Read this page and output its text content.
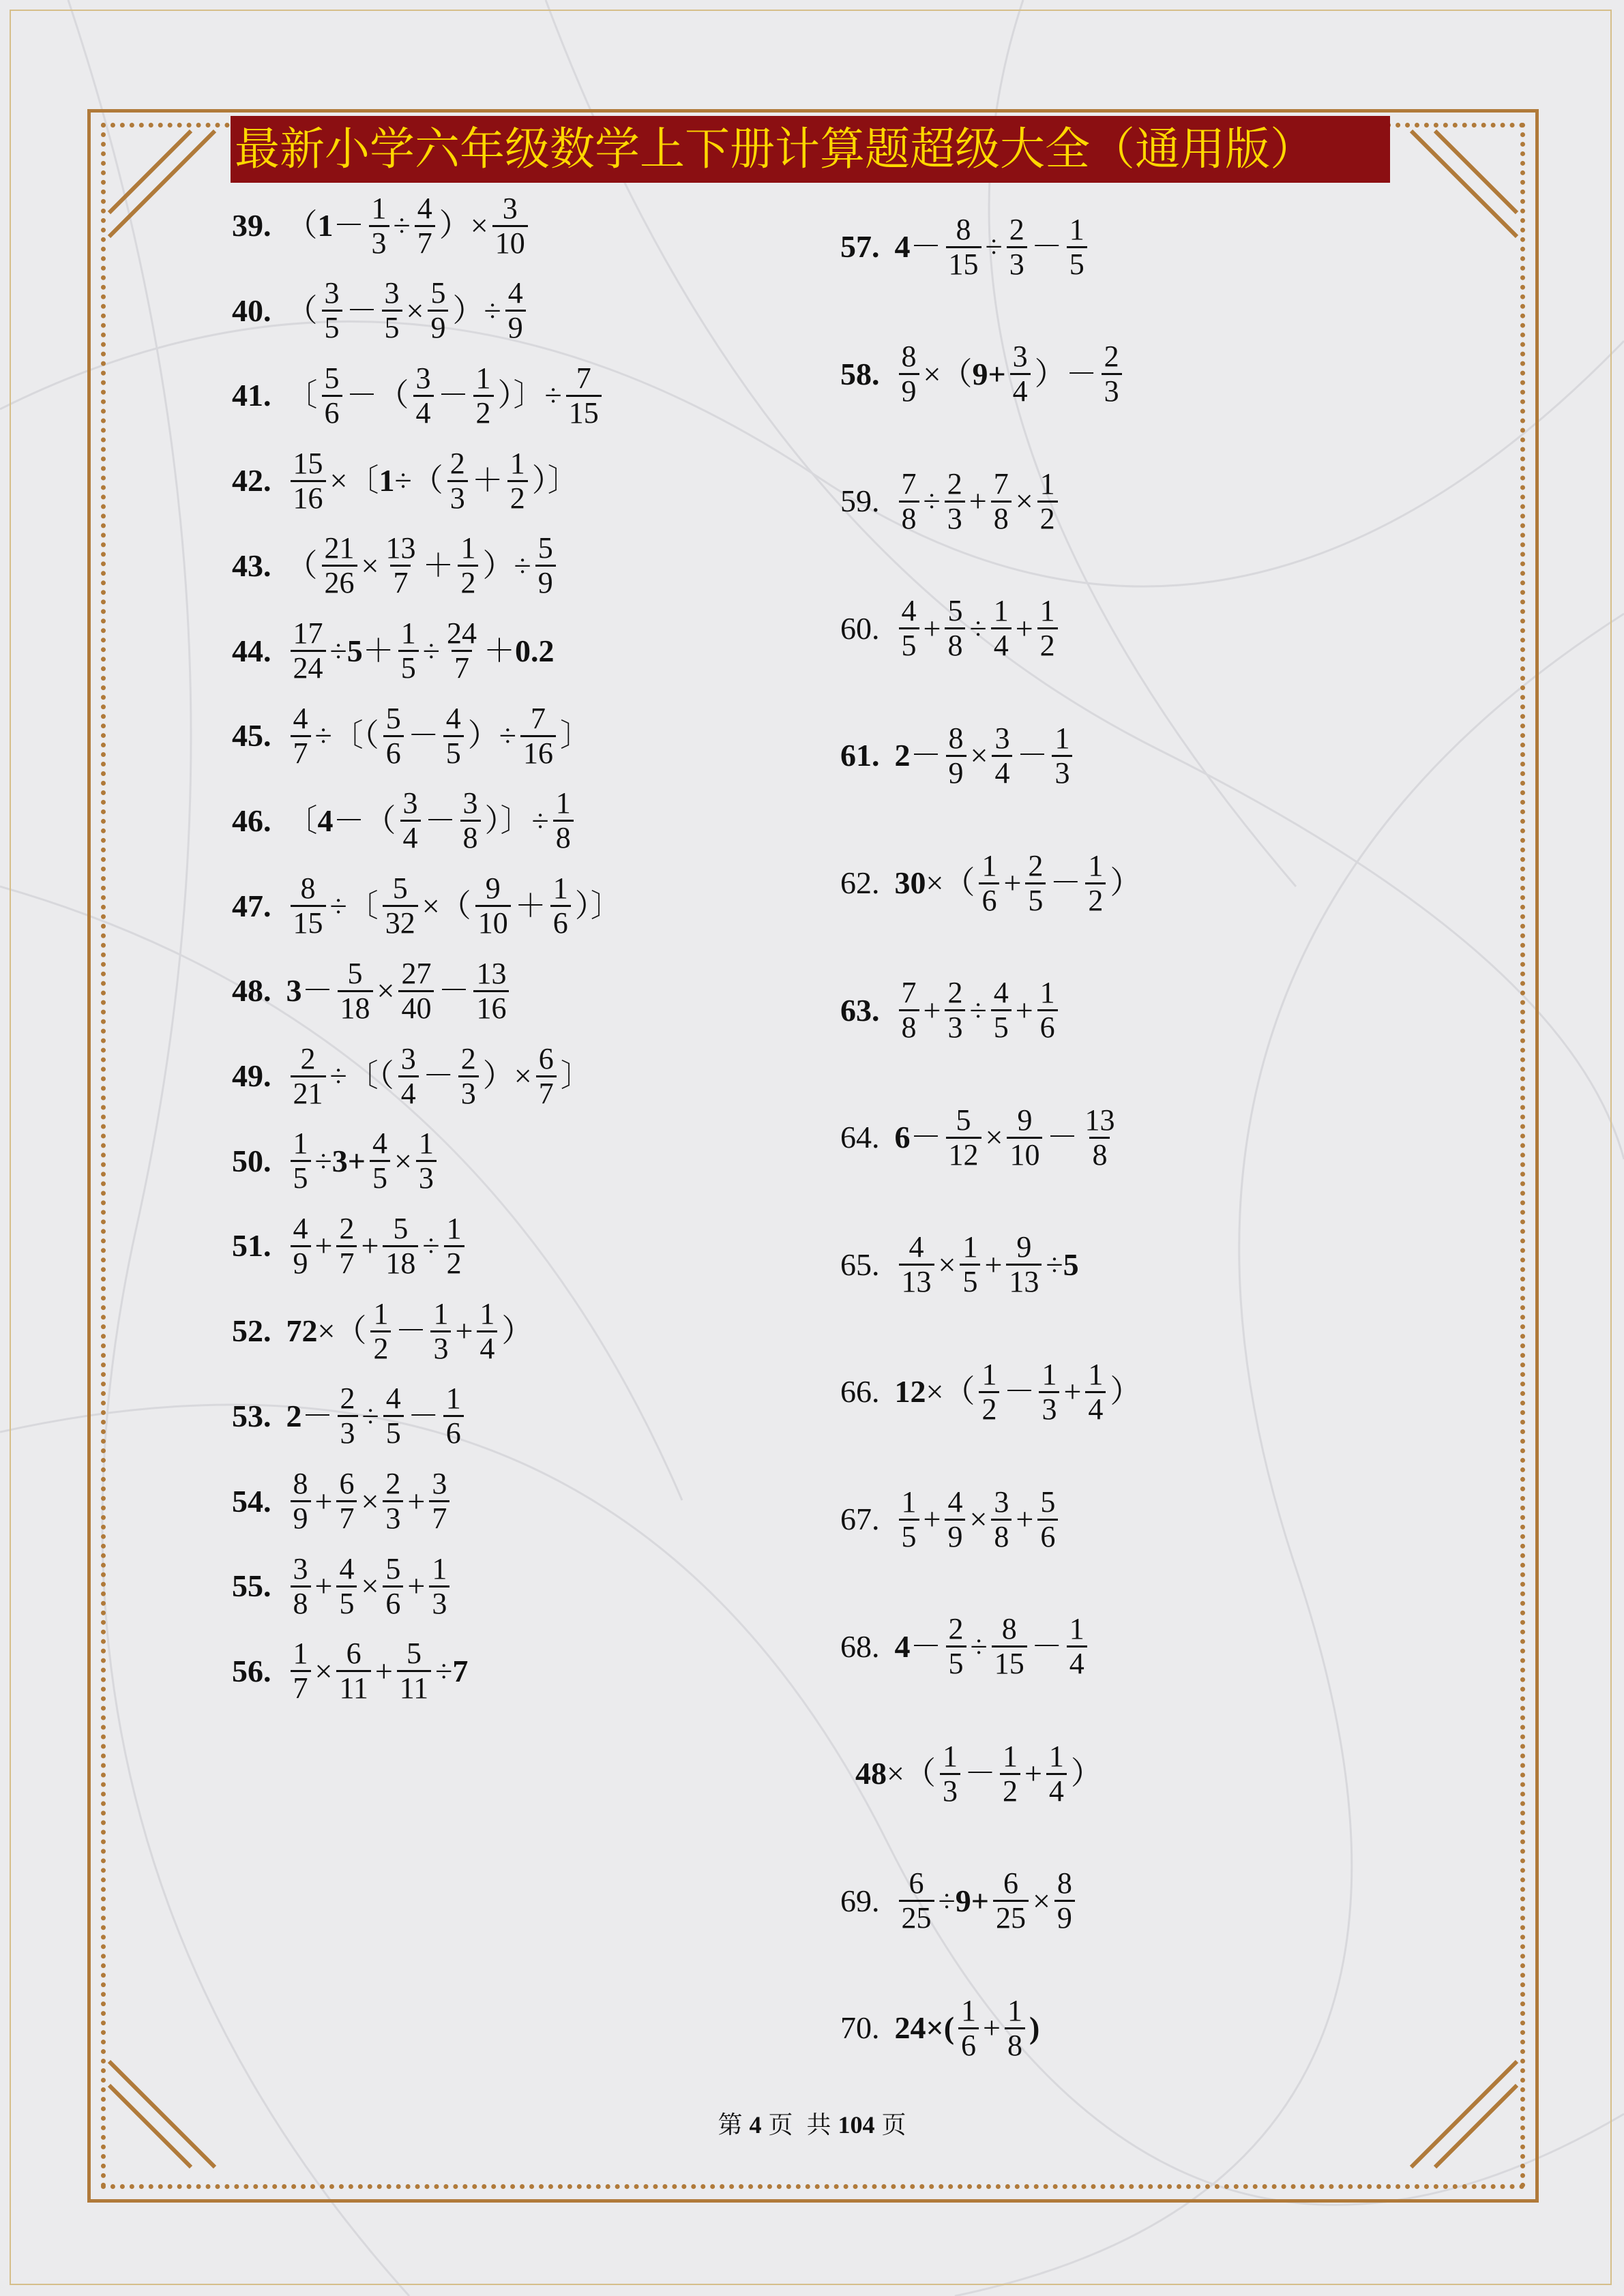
最新小学六年级数学上下册计算题超级大全（通用版）
第 4 页 共 104 页
39. （ $1 - \frac{1}{3} \div \frac{4}{7}$ ）× $\frac{3}{10}$
40. （ $\frac{3}{5} - \frac{3}{5} \times \frac{5}{9}$ ）÷ $\frac{4}{9}$
41. 〔 $\frac{5}{6}$ －（ $\frac{3}{4} - \frac{1}{2}$ ）〕÷ $\frac{7}{15}$
42. $\frac{15}{16}$ ×〔 1 ÷（ $\frac{2}{3} + \frac{1}{2}$ ）〕
43. （ $\frac{21}{26} \times \frac{13}{7} + \frac{1}{2}$ ）÷ $\frac{5}{9}$
44. $\frac{17}{24} \div 5 + \frac{1}{5} \div \frac{24}{7} + 0.2$
45. $\frac{4}{7}$ ÷〔（ $\frac{5}{6} - \frac{4}{5}$ ）÷ $\frac{7}{16}$ 〕
46. 〔 4 －（ $\frac{3}{4} - \frac{3}{8}$ ）〕÷ $\frac{1}{8}$
47. $\frac{8}{15}$ ÷〔 $\frac{5}{32}$ ×（ $\frac{9}{10} + \frac{1}{6}$ ）〕
48. $3 - \frac{5}{18} \times \frac{27}{40} - \frac{13}{16}$
49. $\frac{2}{21}$ ÷〔（ $\frac{3}{4} - \frac{2}{3}$ ）× $\frac{6}{7}$ 〕
50. $\frac{1}{5} \div 3+ \frac{4}{5} \times \frac{1}{3}$
51. $\frac{4}{9} + \frac{2}{7} + \frac{5}{18} \div \frac{1}{2}$
52. 72 ×（ $\frac{1}{2} - \frac{1}{3} + \frac{1}{4}$ ）
53. $2 - \frac{2}{3} \div \frac{4}{5} - \frac{1}{6}$
54. $\frac{8}{9} + \frac{6}{7} \times \frac{2}{3} + \frac{3}{7}$
55. $\frac{3}{8} + \frac{4}{5} \times \frac{5}{6} + \frac{1}{3}$
56. $\frac{1}{7} \times \frac{6}{11} + \frac{5}{11} \div 7$
57. $4 - \frac{8}{15} \div \frac{2}{3} - \frac{1}{5}$
58. $\frac{8}{9}$ ×（ $9+ \frac{3}{4}$ ）－ $\frac{2}{3}$
59. $\frac{7}{8} \div \frac{2}{3} + \frac{7}{8} \times \frac{1}{2}$
60. $\frac{4}{5} + \frac{5}{8} \div \frac{1}{4} + \frac{1}{2}$
61. $2 - \frac{8}{9} \times \frac{3}{4} - \frac{1}{3}$
62. 30 ×（ $\frac{1}{6} + \frac{2}{5} - \frac{1}{2}$ ）
63. $\frac{7}{8} + \frac{2}{3} \div \frac{4}{5} + \frac{1}{6}$
64. $6 - \frac{5}{12} \times \frac{9}{10} - \frac{13}{8}$
65. $\frac{4}{13} \times \frac{1}{5} + \frac{9}{13} \div 5$
66. 12 ×（ $\frac{1}{2} - \frac{1}{3} + \frac{1}{4}$ ）
67. $\frac{1}{5} + \frac{4}{9} \times \frac{3}{8} + \frac{5}{6}$
68. $4 - \frac{2}{5} \div \frac{8}{15} - \frac{1}{4}$
48 ×（ $\frac{1}{3} - \frac{1}{2} + \frac{1}{4}$ ）
69. $\frac{6}{25} \div 9+ \frac{6}{25} \times \frac{8}{9}$
70. 24 ×( $\frac{1}{6} + \frac{1}{8}$ )
